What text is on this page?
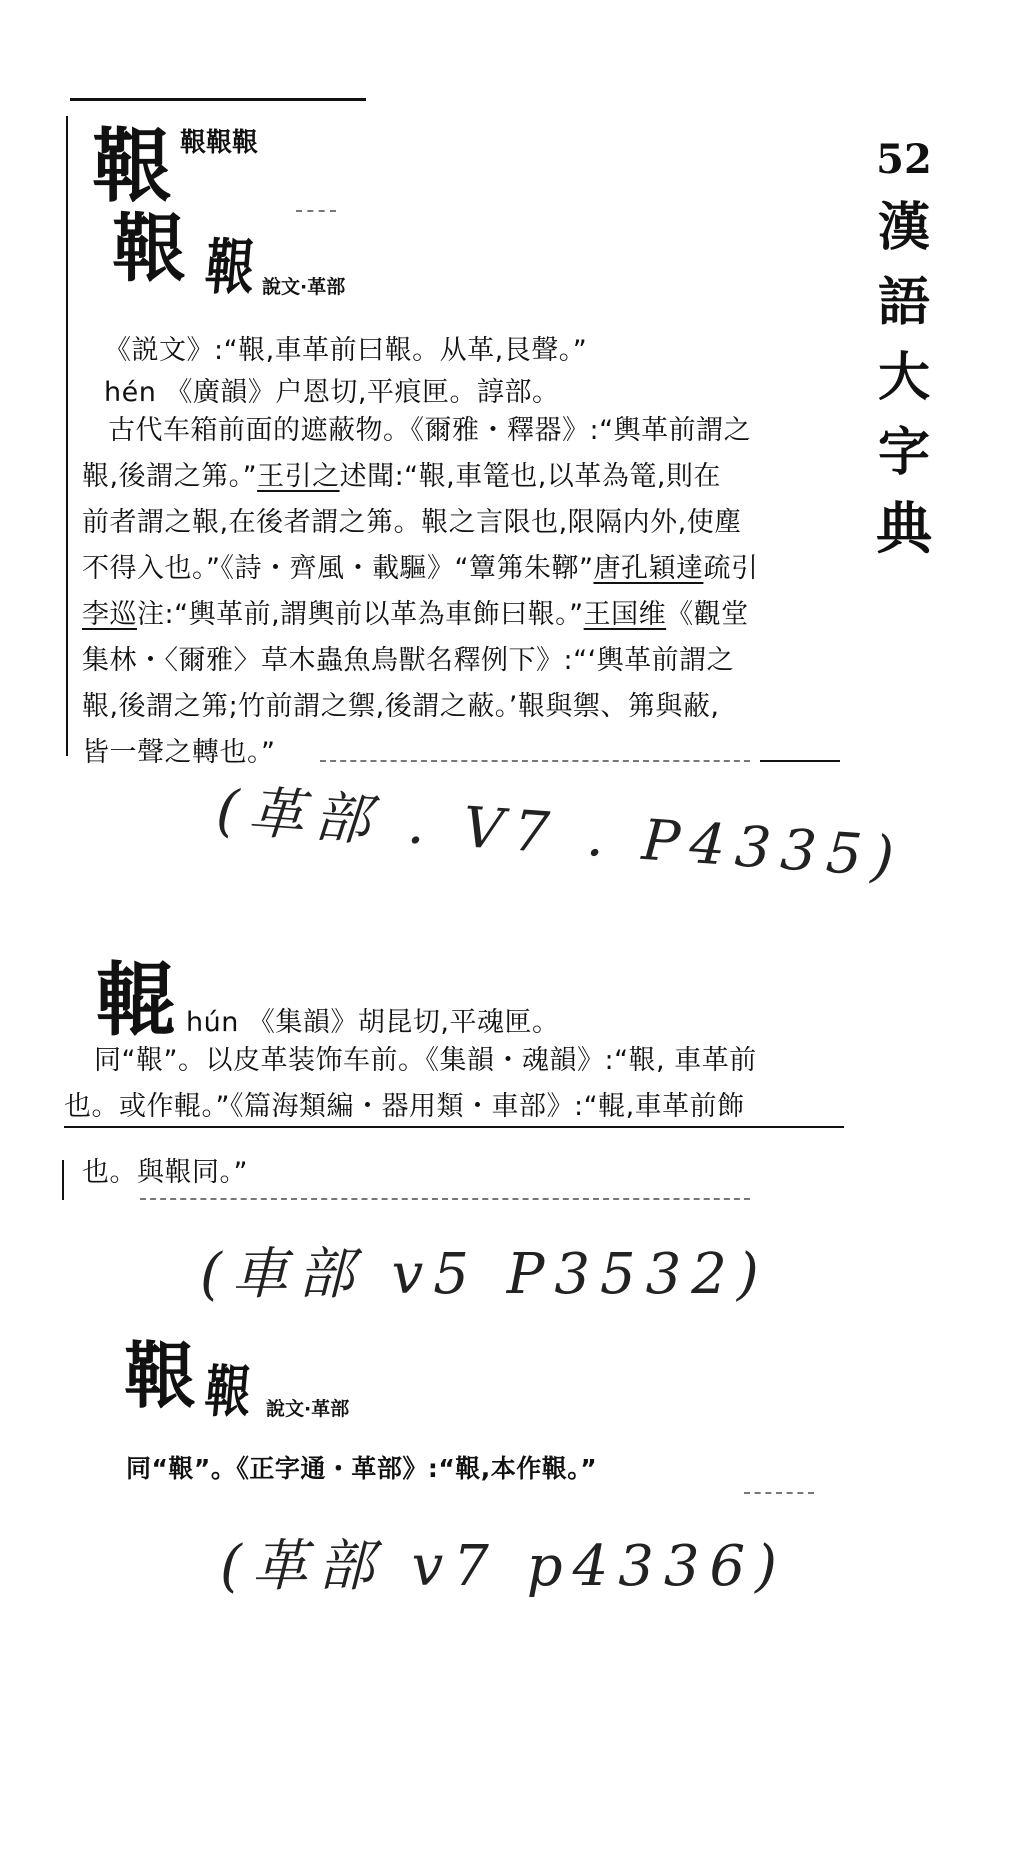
52
漢
語
大
字
典
鞎 鞎鞎鞎
鞎 鞎 說文·革部
《説文》:“鞎,車革前曰鞎。从革,艮聲。”
hén 《廣韻》户恩切,平痕匣。諄部。
古代车箱前面的遮蔽物。《爾雅・釋器》:“輿革前謂之
鞎,後謂之笰。”王引之述聞:“鞎,車篭也,以革為篭,則在
前者謂之鞎,在後者謂之笰。鞎之言限也,限隔内外,使塵
不得入也。”《詩・齊風・載驅》“簟笰朱鞹”唐孔穎達疏引
李巡注:“輿革前,謂輿前以革為車飾曰鞎。”王国维《觀堂
集林・〈爾雅〉草木蟲魚鳥獸名釋例下》:“‘輿革前謂之
鞎,後謂之笰;竹前謂之禦,後謂之蔽。’鞎與禦、笰與蔽,
皆一聲之轉也。”
(革部 . V7 . P4335)
輥 hún 《集韻》胡昆切,平魂匣。
同“鞎”。以皮革装饰车前。《集韻・魂韻》:“鞎, 車革前
也。或作輥。”《篇海類編・器用類・車部》:“輥,車革前飾
也。與鞎同。”
(車部 v5 P3532)
鞎 鞎 說文·革部
同“鞎”。《正字通・革部》:“鞎,本作鞎。”
(革部 v7 p4336)
